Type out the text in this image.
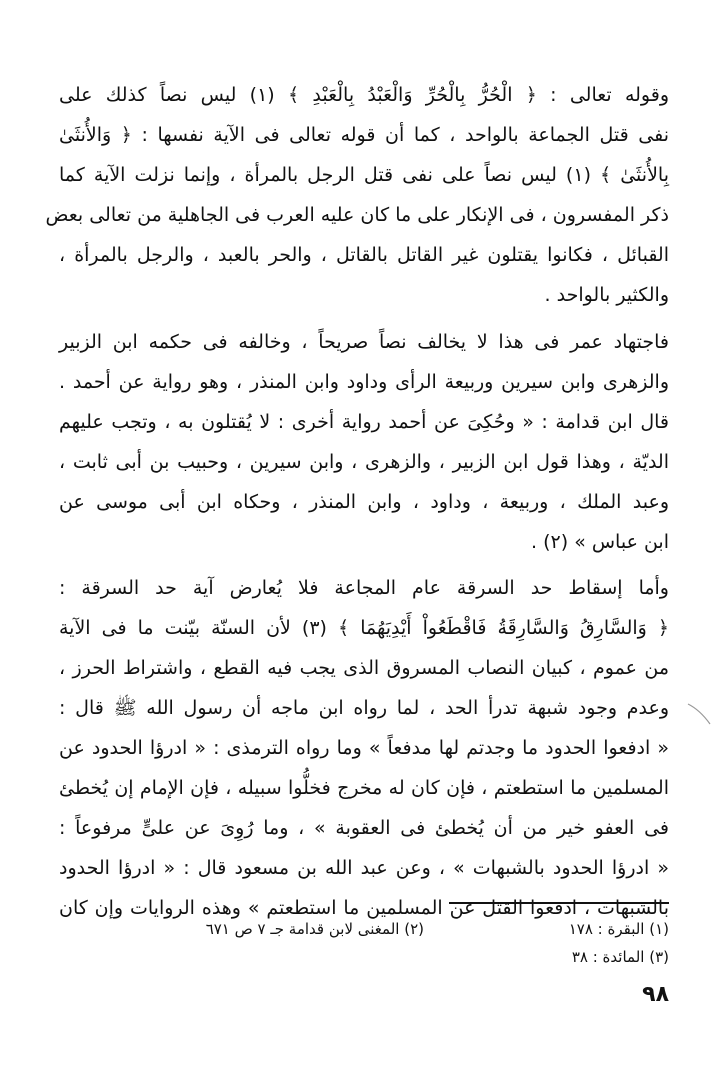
وقوله تعالى : ﴿ الْحُرُّ بِالْحُرِّ وَالْعَبْدُ بِالْعَبْدِ ﴾ (١) ليس نصاً كذلك على
نفى قتل الجماعة بالواحد ، كما أن قوله تعالى فى الآية نفسها : ﴿ وَالأُنثَىٰ
بِالأُنثَىٰ ﴾ (١) ليس نصاً على نفى قتل الرجل بالمرأة ، وإنما نزلت الآية كما
ذكر المفسرون ، فى الإنكار على ما كان عليه العرب فى الجاهلية من تعالى بعض
القبائل ، فكانوا يقتلون غير القاتل بالقاتل ، والحر بالعبد ، والرجل بالمرأة ،
والكثير بالواحد .
فاجتهاد عمر فى هذا لا يخالف نصاً صريحاً ، وخالفه فى حكمه ابن الزبير
والزهرى وابن سيرين وربيعة الرأى وداود وابن المنذر ، وهو رواية عن أحمد .
قال ابن قدامة : « وحُكِىَ عن أحمد رواية أخرى : لا يُقتلون به ، وتجب عليهم
الديّة ، وهذا قول ابن الزبير ، والزهرى ، وابن سيرين ، وحبيب بن أبى ثابت ،
وعبد الملك ، وربيعة ، وداود ، وابن المنذر ، وحكاه ابن أبى موسى عن
ابن عباس » (٢) .
وأما إسقاط حد السرقة عام المجاعة فلا يُعارض آية حد السرقة :
﴿ وَالسَّارِقُ وَالسَّارِقَةُ فَاقْطَعُواْ أَيْدِيَهُمَا ﴾ (٣) لأن السنّة بيّنت ما فى الآية
من عموم ، كبيان النصاب المسروق الذى يجب فيه القطع ، واشتراط الحرز ،
وعدم وجود شبهة تدرأ الحد ، لما رواه ابن ماجه أن رسول الله ﷺ قال :
« ادفعوا الحدود ما وجدتم لها مدفعاً » وما رواه الترمذى : « ادرؤا الحدود عن
المسلمين ما استطعتم ، فإن كان له مخرج فخلُّوا سبيله ، فإن الإمام إن يُخطئ
فى العفو خير من أن يُخطئ فى العقوبة » ، وما رُوِىَ عن علىٍّ مرفوعاً :
« ادرؤا الحدود بالشبهات » ، وعن عبد الله بن مسعود قال : « ادرؤا الحدود
بالشبهات ، ادفعوا القتل عن المسلمين ما استطعتم » وهذه الروايات وإن كان
(١) البقرة : ١٧٨
(٢) المغنى لابن قدامة جـ ٧ ص ٦٧١
(٣) المائدة : ٣٨
٩٨
